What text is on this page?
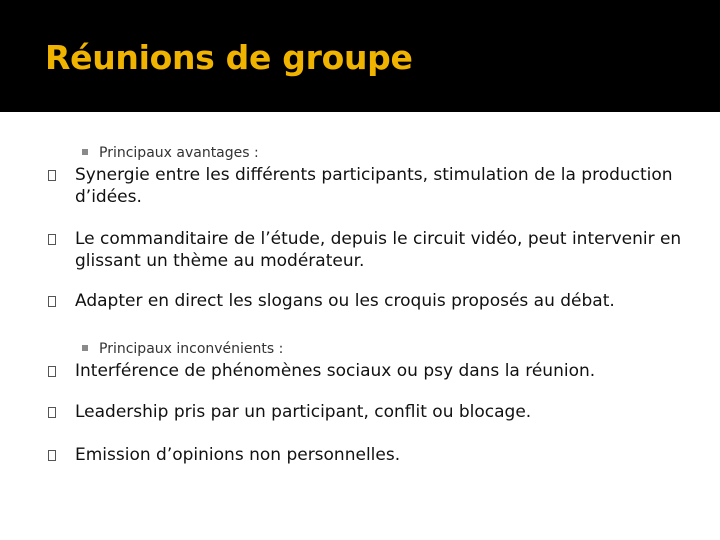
Réunions de groupe
Principaux avantages :
Synergie entre les différents participants, stimulation de la production d’idées.
Le commanditaire de l’étude, depuis le circuit vidéo, peut intervenir en glissant un thème au modérateur.
Adapter en direct les slogans ou les croquis proposés au débat.
Principaux inconvénients :
Interférence de phénomènes sociaux ou psy dans la réunion.
Leadership pris par un participant, conflit ou blocage.
Emission d’opinions non personnelles.
